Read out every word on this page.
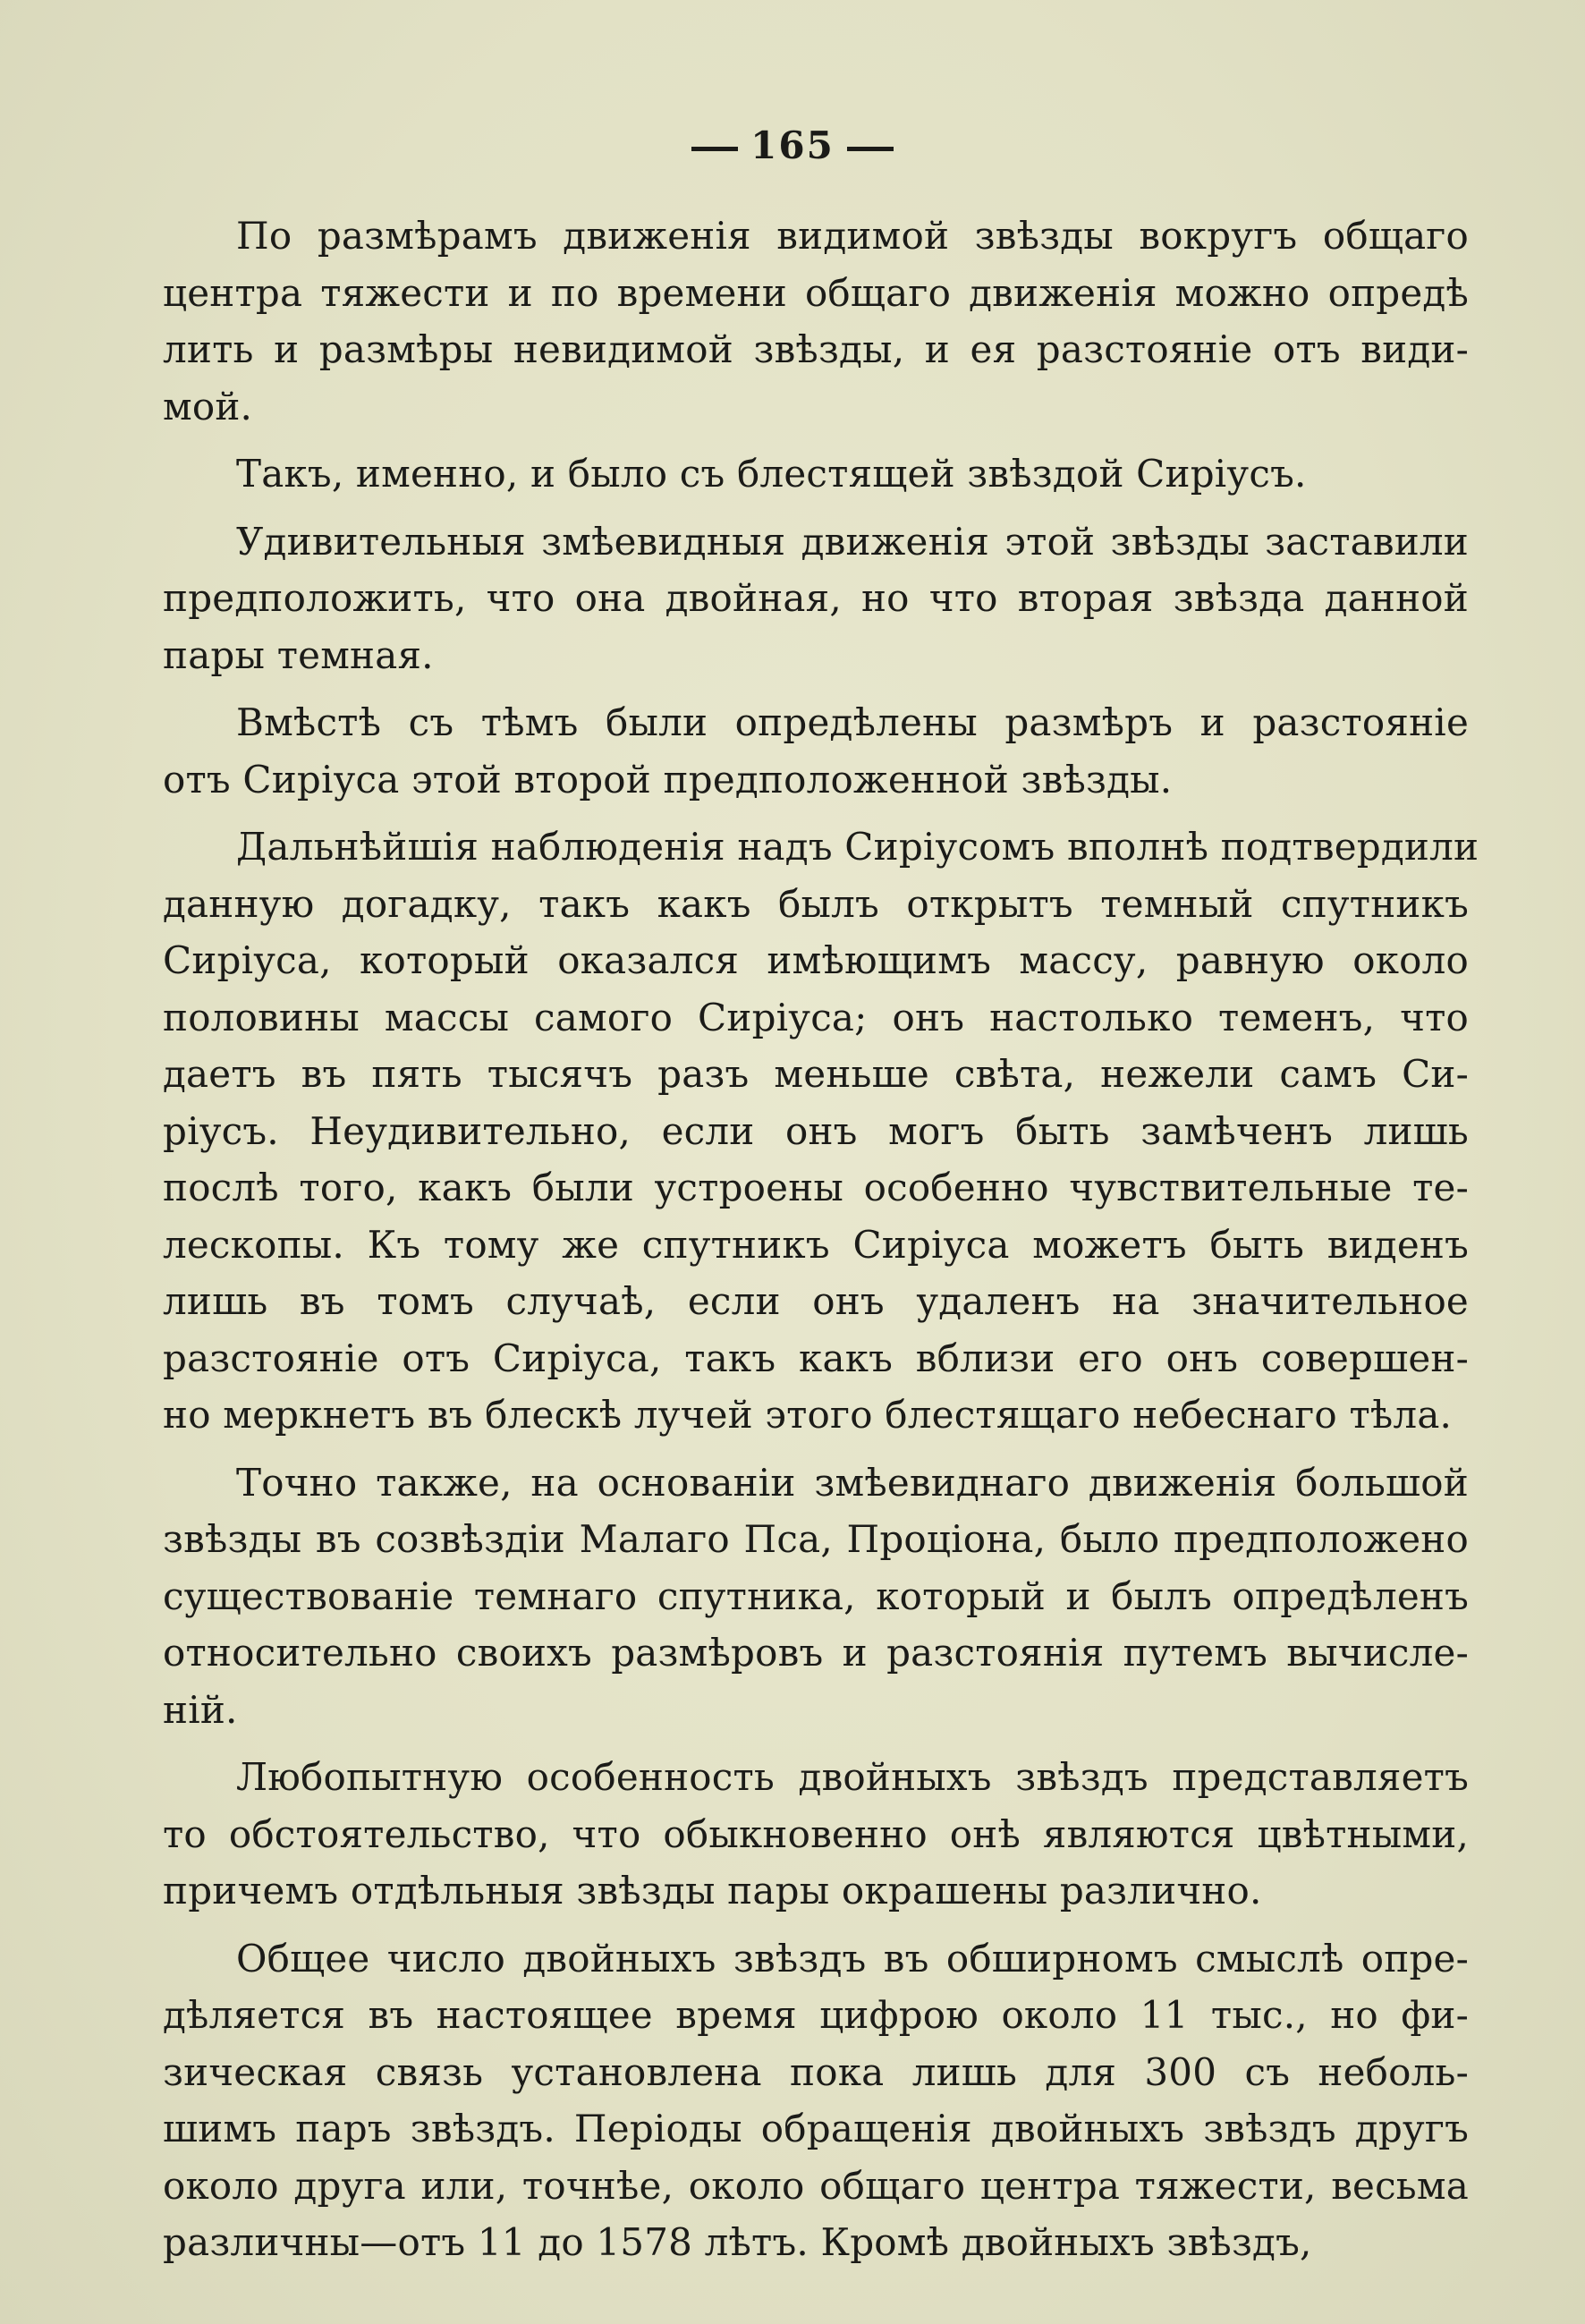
165
По размѣрамъ движенія видимой звѣзды вокругъ общаго
центра тяжести и по времени общаго движенія можно опредѣ
лить и размѣры невидимой звѣзды, и ея разстояніе отъ види-
мой.
Такъ, именно, и было съ блестящей звѣздой Сиріусъ.
Удивительныя змѣевидныя движенія этой звѣзды заставили
предположить, что она двойная, но что вторая звѣзда данной
пары темная.
Вмѣстѣ съ тѣмъ были опредѣлены размѣръ и разстояніе
отъ Сиріуса этой второй предположенной звѣзды.
Дальнѣйшія наблюденія надъ Сиріусомъ вполнѣ подтвердили
данную догадку, такъ какъ былъ открытъ темный спутникъ
Сиріуса, который оказался имѣющимъ массу, равную около
половины массы самого Сиріуса; онъ настолько теменъ, что
даетъ въ пять тысячъ разъ меньше свѣта, нежели самъ Си-
ріусъ. Неудивительно, если онъ могъ быть замѣченъ лишь
послѣ того, какъ были устроены особенно чувствительные те-
лескопы. Къ тому же спутникъ Сиріуса можетъ быть виденъ
лишь въ томъ случаѣ, если онъ удаленъ на значительное
разстояніе отъ Сиріуса, такъ какъ вблизи его онъ совершен-
но меркнетъ въ блескѣ лучей этого блестящаго небеснаго тѣла.
Точно также, на основаніи змѣевиднаго движенія большой
звѣзды въ созвѣздіи Малаго Пса, Проціона, было предположено
существованіе темнаго спутника, который и былъ опредѣленъ
относительно своихъ размѣровъ и разстоянія путемъ вычисле-
ній.
Любопытную особенность двойныхъ звѣздъ представляетъ
то обстоятельство, что обыкновенно онѣ являются цвѣтными,
причемъ отдѣльныя звѣзды пары окрашены различно.
Общее число двойныхъ звѣздъ въ обширномъ смыслѣ опре-
дѣляется въ настоящее время цифрою около 11 тыс., но фи-
зическая связь установлена пока лишь для 300 съ неболь-
шимъ паръ звѣздъ. Періоды обращенія двойныхъ звѣздъ другъ
около друга или, точнѣе, около общаго центра тяжести, весьма
различны—отъ 11 до 1578 лѣтъ. Кромѣ двойныхъ звѣздъ,
